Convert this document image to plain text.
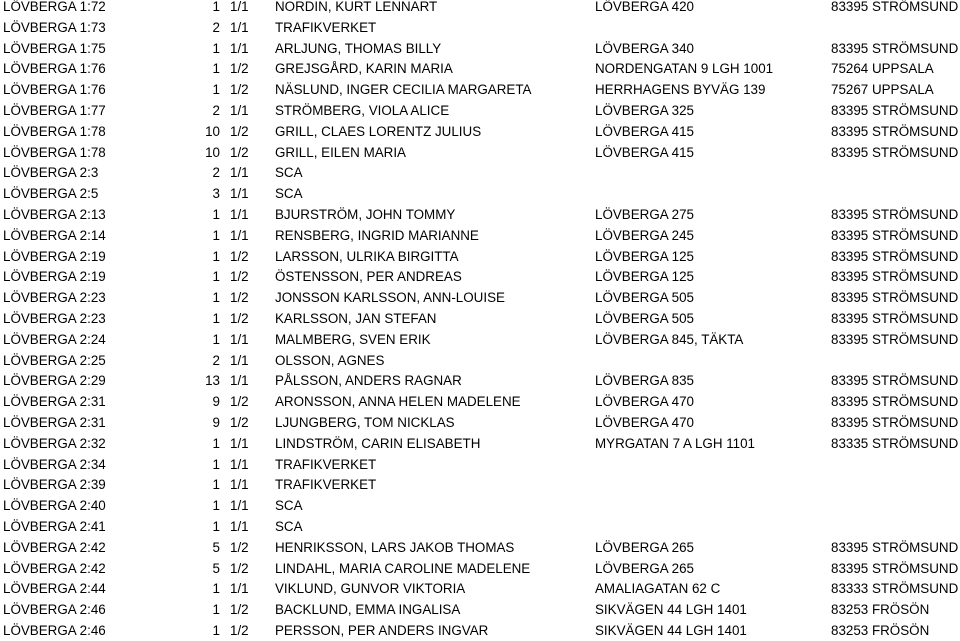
LÖVBERGA 1:72	1 1/1	NORDIN, KURT LENNART	LÖVBERGA 420	83395 STRÖMSUND
LÖVBERGA 1:73	2 1/1	TRAFIKVERKET
LÖVBERGA 1:75	1 1/1	ARLJUNG, THOMAS BILLY	LÖVBERGA 340	83395 STRÖMSUND
LÖVBERGA 1:76	1 1/2	GREJSGÅRD, KARIN MARIA	NORDENGATAN 9 LGH 1001	75264 UPPSALA
LÖVBERGA 1:76	1 1/2	NÄSLUND, INGER CECILIA MARGARETA	HERRHAGENS BYVÄG 139	75267 UPPSALA
LÖVBERGA 1:77	2 1/1	STRÖMBERG, VIOLA ALICE	LÖVBERGA 325	83395 STRÖMSUND
LÖVBERGA 1:78	10 1/2	GRILL, CLAES LORENTZ JULIUS	LÖVBERGA 415	83395 STRÖMSUND
LÖVBERGA 1:78	10 1/2	GRILL, EILEN MARIA	LÖVBERGA 415	83395 STRÖMSUND
LÖVBERGA 2:3	2 1/1	SCA
LÖVBERGA 2:5	3 1/1	SCA
LÖVBERGA 2:13	1 1/1	BJURSTRÖM, JOHN TOMMY	LÖVBERGA 275	83395 STRÖMSUND
LÖVBERGA 2:14	1 1/1	RENSBERG, INGRID MARIANNE	LÖVBERGA 245	83395 STRÖMSUND
LÖVBERGA 2:19	1 1/2	LARSSON, ULRIKA BIRGITTA	LÖVBERGA 125	83395 STRÖMSUND
LÖVBERGA 2:19	1 1/2	ÖSTENSSON, PER ANDREAS	LÖVBERGA 125	83395 STRÖMSUND
LÖVBERGA 2:23	1 1/2	JONSSON KARLSSON, ANN-LOUISE	LÖVBERGA 505	83395 STRÖMSUND
LÖVBERGA 2:23	1 1/2	KARLSSON, JAN STEFAN	LÖVBERGA 505	83395 STRÖMSUND
LÖVBERGA 2:24	1 1/1	MALMBERG, SVEN ERIK	LÖVBERGA 845, TÄKTA	83395 STRÖMSUND
LÖVBERGA 2:25	2 1/1	OLSSON, AGNES
LÖVBERGA 2:29	13 1/1	PÅLSSON, ANDERS RAGNAR	LÖVBERGA 835	83395 STRÖMSUND
LÖVBERGA 2:31	9 1/2	ARONSSON, ANNA HELEN MADELENE	LÖVBERGA 470	83395 STRÖMSUND
LÖVBERGA 2:31	9 1/2	LJUNGBERG, TOM NICKLAS	LÖVBERGA 470	83395 STRÖMSUND
LÖVBERGA 2:32	1 1/1	LINDSTRÖM, CARIN ELISABETH	MYRGATAN 7 A LGH 1101	83335 STRÖMSUND
LÖVBERGA 2:34	1 1/1	TRAFIKVERKET
LÖVBERGA 2:39	1 1/1	TRAFIKVERKET
LÖVBERGA 2:40	1 1/1	SCA
LÖVBERGA 2:41	1 1/1	SCA
LÖVBERGA 2:42	5 1/2	HENRIKSSON, LARS JAKOB THOMAS	LÖVBERGA 265	83395 STRÖMSUND
LÖVBERGA 2:42	5 1/2	LINDAHL, MARIA CAROLINE MADELENE	LÖVBERGA 265	83395 STRÖMSUND
LÖVBERGA 2:44	1 1/1	VIKLUND, GUNVOR VIKTORIA	AMALIAGATAN 62 C	83333 STRÖMSUND
LÖVBERGA 2:46	1 1/2	BACKLUND, EMMA INGALISA	SIKVÄGEN 44 LGH 1401	83253 FRÖSÖN
LÖVBERGA 2:46	1 1/2	PERSSON, PER ANDERS INGVAR	SIKVÄGEN 44 LGH 1401	83253 FRÖSÖN
